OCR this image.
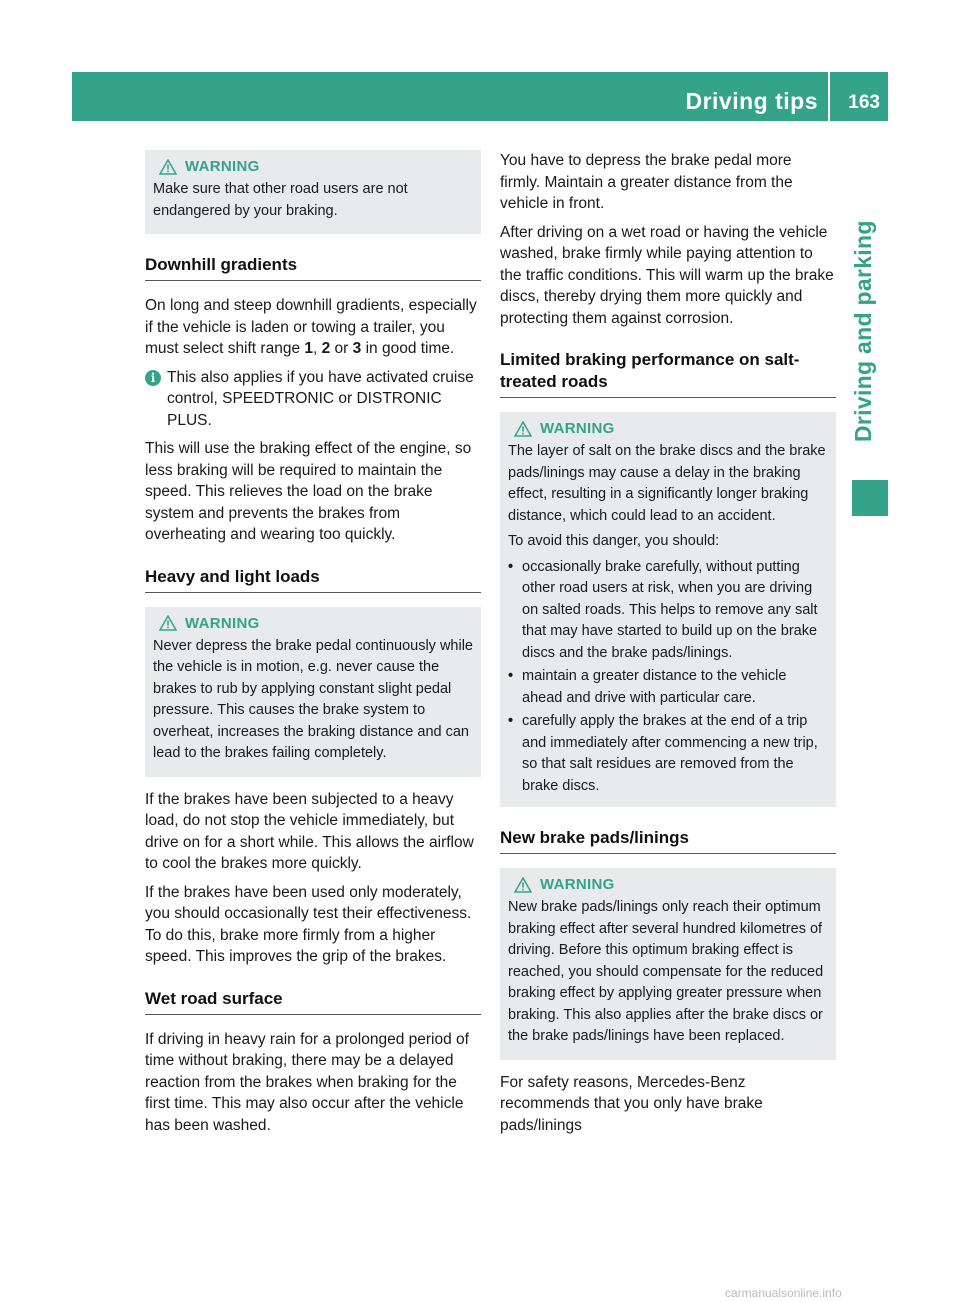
Driving tips 163
Driving and parking
WARNING

Make sure that other road users are not endangered by your braking.

Downhill gradients

On long and steep downhill gradients, especially if the vehicle is laden or towing a trailer, you must select shift range 1, 2 or 3 in good time.

i This also applies if you have activated cruise control, SPEEDTRONIC or DISTRONIC PLUS.

This will use the braking effect of the engine, so less braking will be required to maintain the speed. This relieves the load on the brake system and prevents the brakes from overheating and wearing too quickly.

Heavy and light loads
WARNING

Never depress the brake pedal continuously while the vehicle is in motion, e.g. never cause the brakes to rub by applying constant slight pedal pressure. This causes the brake system to overheat, increases the braking distance and can lead to the brakes failing completely.

If the brakes have been subjected to a heavy load, do not stop the vehicle immediately, but drive on for a short while. This allows the airflow to cool the brakes more quickly.

If the brakes have been used only moderately, you should occasionally test their effectiveness. To do this, brake more firmly from a higher speed. This improves the grip of the brakes.

Wet road surface

If driving in heavy rain for a prolonged period of time without braking, there may be a delayed reaction from the brakes when braking for the first time. This may also occur after the vehicle has been washed.

You have to depress the brake pedal more firmly. Maintain a greater distance from the vehicle in front.

After driving on a wet road or having the vehicle washed, brake firmly while paying attention to the traffic conditions. This will warm up the brake discs, thereby drying them more quickly and protecting them against corrosion.

Limited braking performance on salt-treated roads
WARNING

The layer of salt on the brake discs and the brake pads/linings may cause a delay in the braking effect, resulting in a significantly longer braking distance, which could lead to an accident.

To avoid this danger, you should:

• occasionally brake carefully, without putting other road users at risk, when you are driving on salted roads. This helps to remove any salt that may have started to build up on the brake discs and the brake pads/linings.
• maintain a greater distance to the vehicle ahead and drive with particular care.
• carefully apply the brakes at the end of a trip and immediately after commencing a new trip, so that salt residues are removed from the brake discs.
New brake pads/linings
WARNING

New brake pads/linings only reach their optimum braking effect after several hundred kilometres of driving. Before this optimum braking effect is reached, you should compensate for the reduced braking effect by applying greater pressure when braking. This also applies after the brake discs or the brake pads/linings have been replaced.

For safety reasons, Mercedes-Benz recommends that you only have brake pads/linings

carmanualsonline.info
